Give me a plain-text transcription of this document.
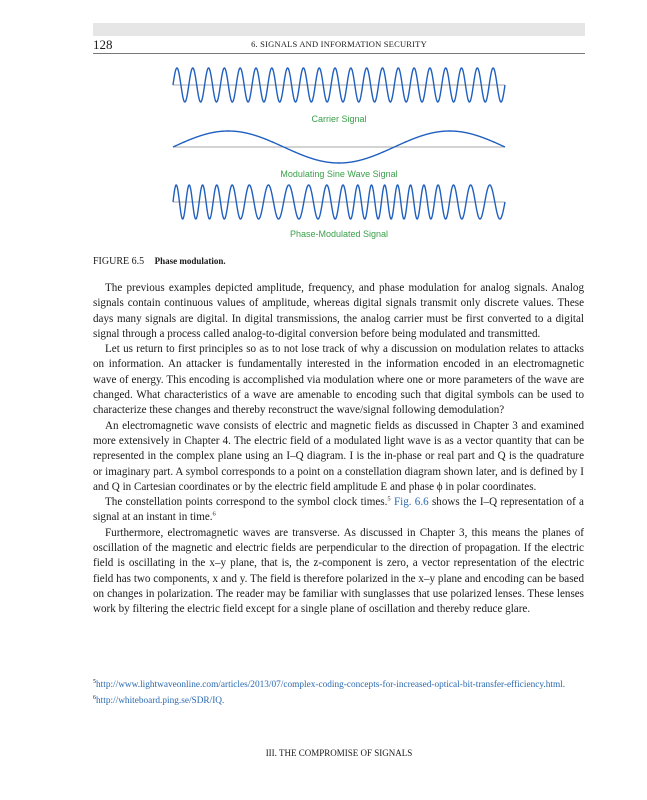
128	6. SIGNALS AND INFORMATION SECURITY
Carrier Signal
Modulating Sine Wave Signal
Phase-Modulated Signal
FIGURE 6.5 Phase modulation.

The previous examples depicted amplitude, frequency, and phase modulation for analog signals. Analog signals contain continuous values of amplitude, whereas digital signals transmit only discrete values. These days many signals are digital. In digital transmissions, the analog carrier must be first converted to a digital signal through a process called analog-to-digital conversion before being modulated and transmitted.

Let us return to first principles so as to not lose track of why a discussion on modulation relates to attacks on information. An attacker is fundamentally interested in the information encoded in an electromagnetic wave of energy. This encoding is accomplished via modulation where one or more parameters of the wave are changed. What characteristics of a wave are amenable to encoding such that digital symbols can be used to characterize these changes and thereby reconstruct the wave/signal following demodulation?

An electromagnetic wave consists of electric and magnetic fields as discussed in Chapter 3 and examined more extensively in Chapter 4. The electric field of a modulated light wave is as a vector quantity that can be represented in the complex plane using an I–Q diagram. I is the in-phase or real part and Q is the quadrature or imaginary part. A symbol corresponds to a point on a constellation diagram shown later, and is defined by I and Q in Cartesian coordinates or by the electric field amplitude E and phase ϕ in polar coordinates.

The constellation points correspond to the symbol clock times.$^5$ Fig. 6.6 shows the I–Q representation of a signal at an instant in time.$^6$

Furthermore, electromagnetic waves are transverse. As discussed in Chapter 3, this means the planes of oscillation of the magnetic and electric fields are perpendicular to the direction of propagation. If the electric field is oscillating in the x–y plane, that is, the z-component is zero, a vector representation of the electric field has two components, x and y. The field is therefore polarized in the x–y plane and encoding can be based on changes in polarization. The reader may be familiar with sunglasses that use polarized lenses. These lenses work by filtering the electric field except for a single plane of oscillation and thereby reduce glare.

$^5$http://www.lightwaveonline.com/articles/2013/07/complex-coding-concepts-for-increased-optical-bit-transfer-efficiency.html.

$^6$http://whiteboard.ping.se/SDR/IQ.

III. THE COMPROMISE OF SIGNALS
